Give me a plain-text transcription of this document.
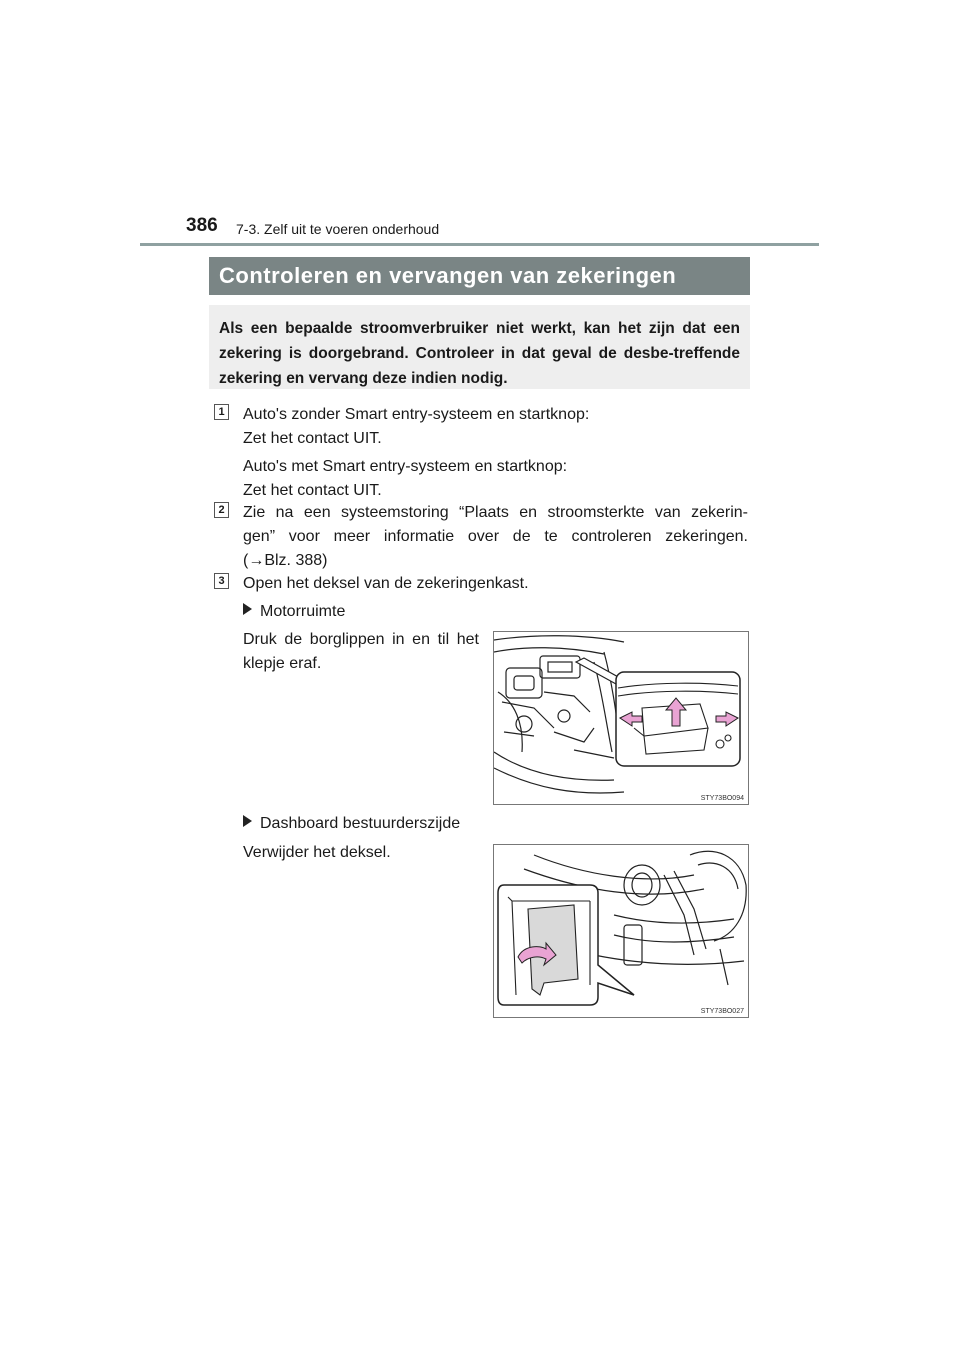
386 7-3. Zelf uit te voeren onderhoud
Controleren en vervangen van zekeringen
Als een bepaalde stroomverbruiker niet werkt, kan het zijn dat een zekering is doorgebrand. Controleer in dat geval de desbe-treffende zekering en vervang deze indien nodig.
1 Auto's zonder Smart entry-systeem en startknop:
Zet het contact UIT.
Auto's met Smart entry-systeem en startknop:
Zet het contact UIT.
2 Zie na een systeemstoring “Plaats en stroomsterkte van zekerin-
gen” voor meer informatie over de te controleren zekeringen.
(→Blz. 388)
3 Open het deksel van de zekeringenkast.
Motorruimte
Druk de borglippen in en til het
klepje eraf.
STY73BO094
Dashboard bestuurderszijde
Verwijder het deksel.
STY73BO027
